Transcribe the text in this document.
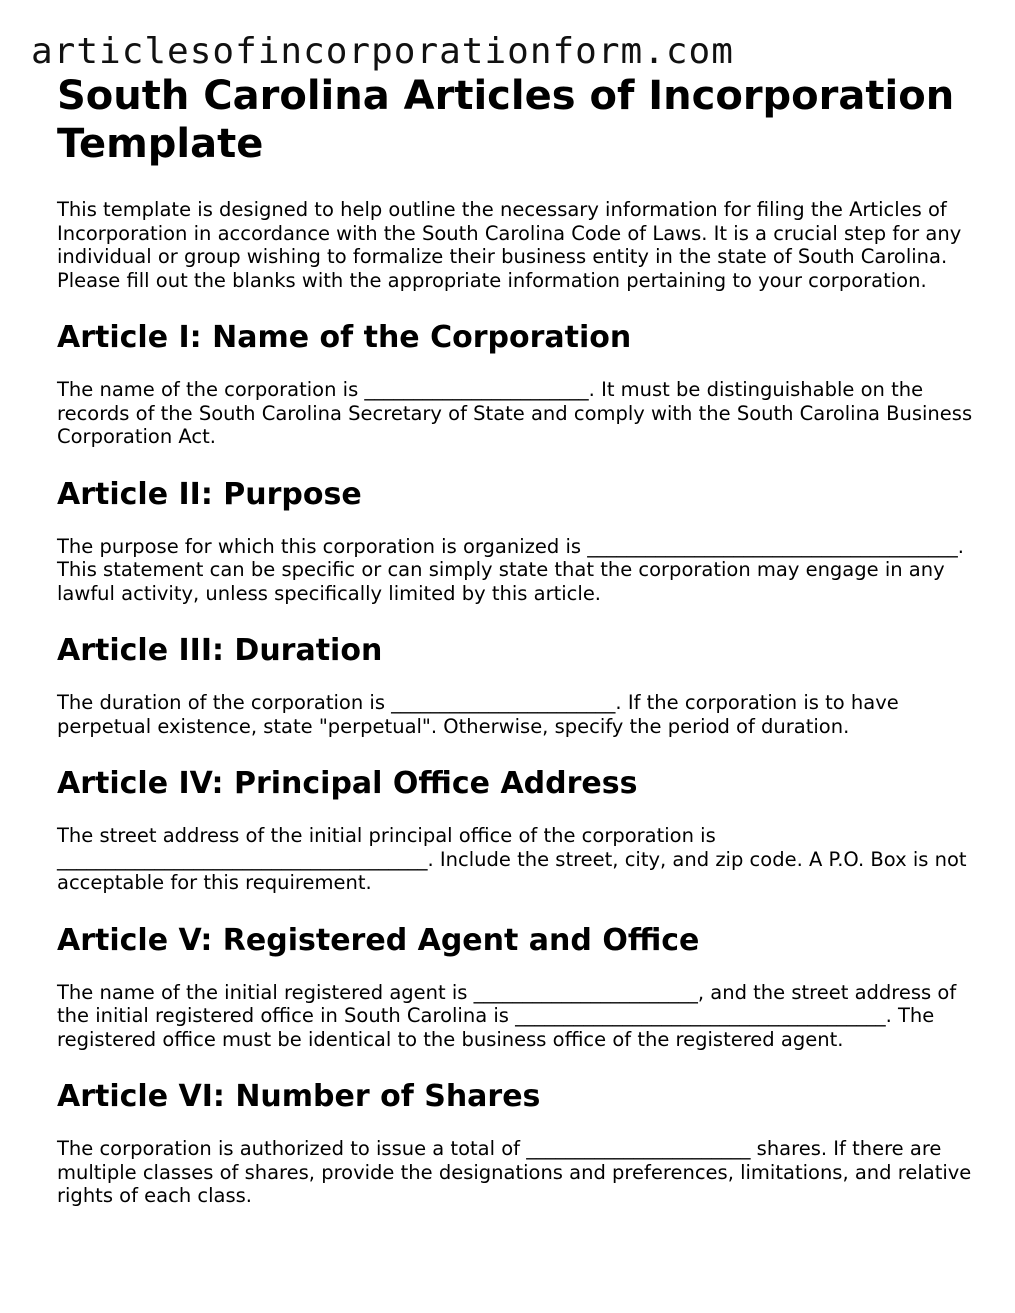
articlesofincorporationform.com
South Carolina Articles of Incorporation Template

This template is designed to help outline the necessary information for filing the Articles of Incorporation in accordance with the South Carolina Code of Laws. It is a crucial step for any individual or group wishing to formalize their business entity in the state of South Carolina. Please fill out the blanks with the appropriate information pertaining to your corporation.

Article I: Name of the Corporation

The name of the corporation is _______________________. It must be distinguishable on the records of the South Carolina Secretary of State and comply with the South Carolina Business Corporation Act.

Article II: Purpose

The purpose for which this corporation is organized is ______________________________________. This statement can be specific or can simply state that the corporation may engage in any lawful activity, unless specifically limited by this article.

Article III: Duration

The duration of the corporation is _______________________. If the corporation is to have perpetual existence, state "perpetual". Otherwise, specify the period of duration.

Article IV: Principal Office Address

The street address of the initial principal office of the corporation is ______________________________________. Include the street, city, and zip code. A P.O. Box is not acceptable for this requirement.

Article V: Registered Agent and Office

The name of the initial registered agent is _______________________, and the street address of the initial registered office in South Carolina is ______________________________________. The registered office must be identical to the business office of the registered agent.

Article VI: Number of Shares

The corporation is authorized to issue a total of _______________________ shares. If there are multiple classes of shares, provide the designations and preferences, limitations, and relative rights of each class.
